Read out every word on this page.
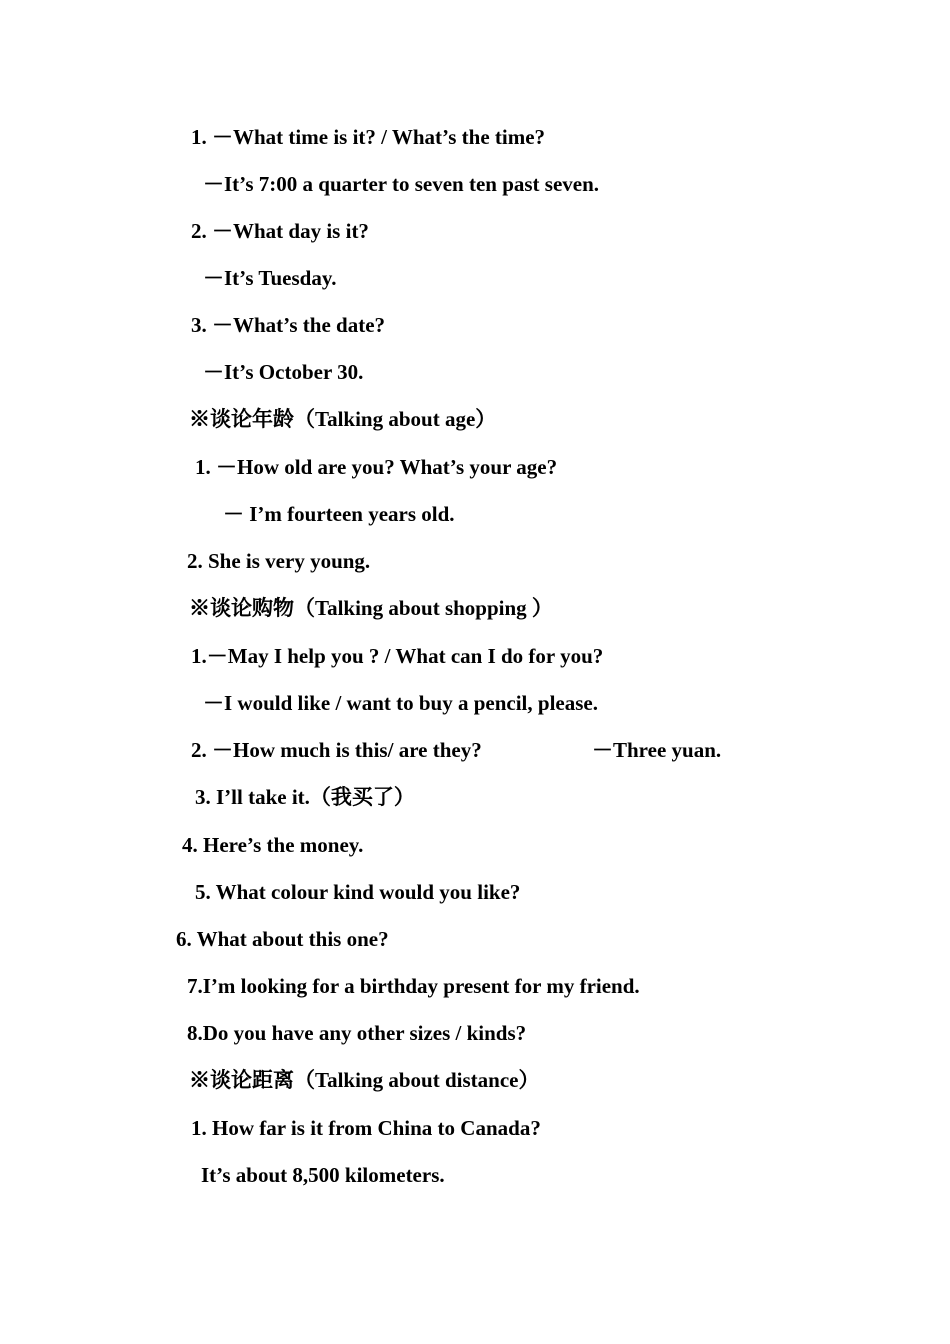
1. －What time is it? / What’s the time?
－It’s 7:00 a quarter to seven ten past seven.
2. －What day is it?
－It’s Tuesday.
3. －What’s the date?
－It’s October 30.
※谈论年龄（Talking about age）
1. －How old are you? What’s your age?
－ I’m fourteen years old.
2. She is very young.
※谈论购物（Talking about shopping ）
1.－May I help you ? / What can I do for you?
－I would like / want to buy a pencil, please.
2. －How much is this/ are they?	－Three yuan.
3. I’ll take it.（我买了）
4. Here’s the money.
5. What colour kind would you like?
6. What about this one?
7.I’m looking for a birthday present for my friend.
8.Do you have any other sizes / kinds?
※谈论距离（Talking about distance）
1. How far is it from China to Canada?
It’s about 8,500 kilometers.
